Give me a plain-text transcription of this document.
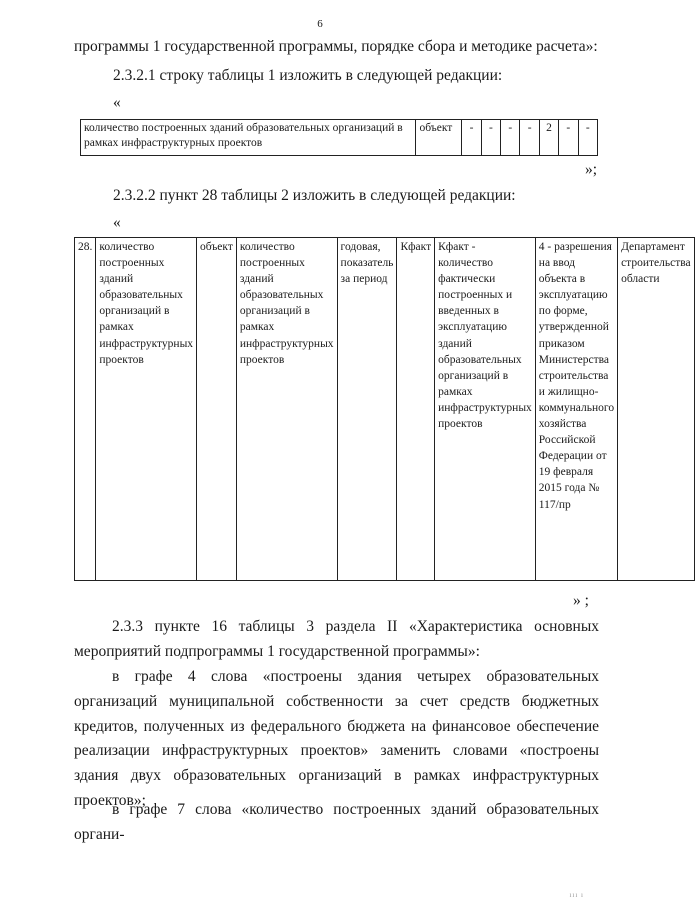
6
программы 1 государственной программы, порядке сбора и методике расчета»:
2.3.2.1 строку таблицы 1 изложить в следующей редакции:
«
количество построенных зданий образовательных организаций в рамках инфраструктурных проектов	объект	-	-	-	-	2	-	-
»;
2.3.2.2 пункт 28 таблицы 2 изложить в следующей редакции:
«
28.	количество построенных зданий образовательных организаций в рамках инфраструктурных проектов	объект	количество построенных зданий образовательных организаций в рамках инфраструктурных проектов	годовая, показатель за период	Кфакт	Кфакт - количество фактически построенных и введенных в эксплуатацию зданий образовательных организаций в рамках инфраструктурных проектов	4 - разрешения на ввод объекта в эксплуатацию по форме, утвержденной приказом Министерства строительства и жилищно-коммунального хозяйства Российской Федерации от 19 февраля 2015 года № 117/пр	Департамент строительства области
» ;
2.3.3 пункте 16 таблицы 3 раздела II «Характеристика основных мероприятий подпрограммы 1 государственной программы»:
в графе 4 слова «построены здания четырех образовательных организаций муниципальной собственности за счет средств бюджетных кредитов, полученных из федерального бюджета на финансовое обеспечение реализации инфраструктурных проектов» заменить словами «построены здания двух образовательных организаций в рамках инфраструктурных проектов»;
в графе 7 слова «количество построенных зданий образовательных органи-
ııı ı
